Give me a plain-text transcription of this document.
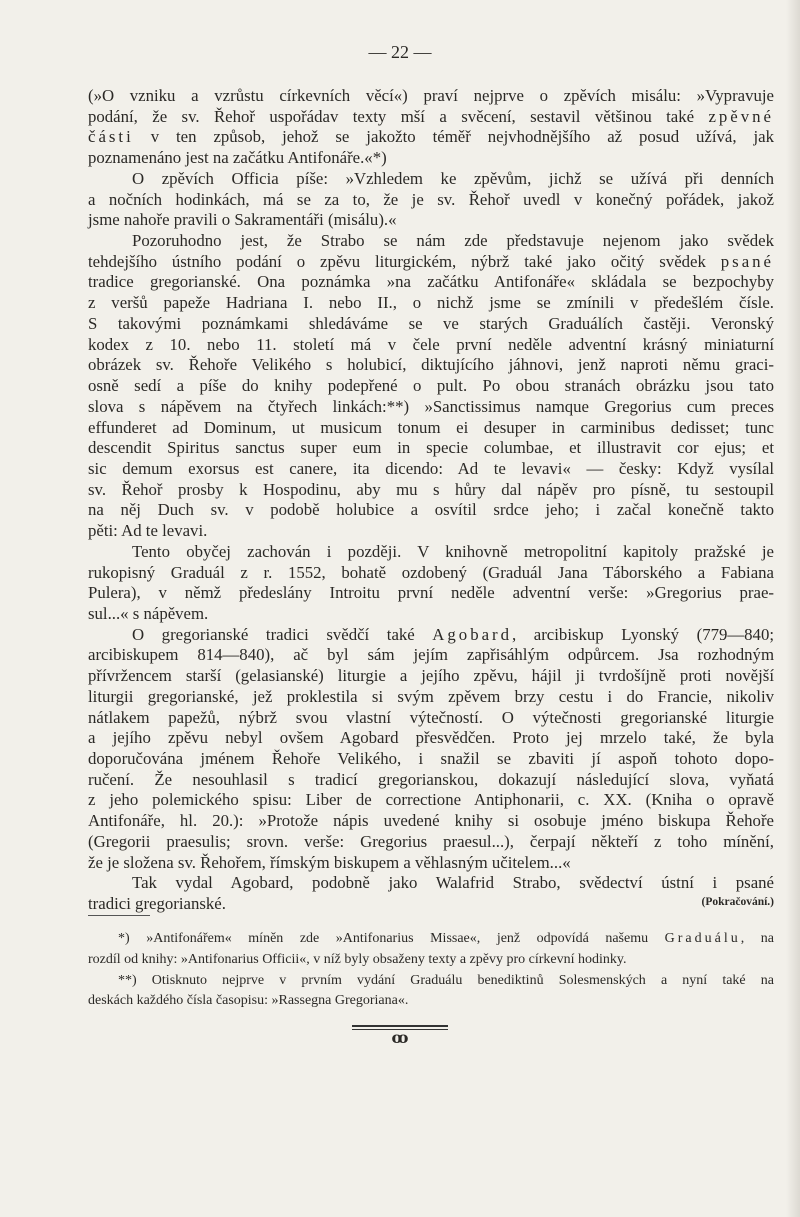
— 22 —
(»O vzniku a vzrůstu církevních věcí«) praví nejprve o zpěvích misálu: »Vypravuje
podání, že sv. Řehoř uspořádav texty mší a svěcení, sestavil většinou také zpěvné
části v ten způsob, jehož se jakožto téměř nejvhodnějšího až posud užívá, jak
poznamenáno jest na začátku Antifonáře.«*)
O zpěvích Officia píše: »Vzhledem ke zpěvům, jichž se užívá při denních
a nočních hodinkách, má se za to, že je sv. Řehoř uvedl v konečný pořádek, jakož
jsme nahoře pravili o Sakramentáři (misálu).«
Pozoruhodno jest, že Strabo se nám zde představuje nejenom jako svědek
tehdejšího ústního podání o zpěvu liturgickém, nýbrž také jako očitý svědek psané
tradice gregorianské. Ona poznámka »na začátku Antifonáře« skládala se bezpochyby
z veršů papeže Hadriana I. nebo II., o nichž jsme se zmínili v předešlém čísle.
S takovými poznámkami shledáváme se ve starých Graduálích častěji. Veronský
kodex z 10. nebo 11. století má v čele první neděle adventní krásný miniaturní
obrázek sv. Řehoře Velikého s holubicí, diktujícího jáhnovi, jenž naproti němu graci-
osně sedí a píše do knihy podepřené o pult. Po obou stranách obrázku jsou tato
slova s nápěvem na čtyřech linkách:**) »Sanctissimus namque Gregorius cum preces
effunderet ad Dominum, ut musicum tonum ei desuper in carminibus dedisset; tunc
descendit Spiritus sanctus super eum in specie columbae, et illustravit cor ejus; et
sic demum exorsus est canere, ita dicendo: Ad te levavi« — česky: Když vysílal
sv. Řehoř prosby k Hospodinu, aby mu s hůry dal nápěv pro písně, tu sestoupil
na něj Duch sv. v podobě holubice a osvítil srdce jeho; i začal konečně takto
pěti: Ad te levavi.
Tento obyčej zachován i později. V knihovně metropolitní kapitoly pražské je
rukopisný Graduál z r. 1552, bohatě ozdobený (Graduál Jana Táborského a Fabiana
Pulera), v němž předeslány Introitu první neděle adventní verše: »Gregorius prae-
sul...« s nápěvem.
O gregorianské tradici svědčí také Agobard, arcibiskup Lyonský (779—840;
arcibiskupem 814—840), ač byl sám jejím zapřisáhlým odpůrcem. Jsa rozhodným
přívržencem starší (gelasianské) liturgie a jejího zpěvu, hájil ji tvrdošíjně proti novější
liturgii gregorianské, jež proklestila si svým zpěvem brzy cestu i do Francie, nikoliv
nátlakem papežů, nýbrž svou vlastní výtečností. O výtečnosti gregorianské liturgie
a jejího zpěvu nebyl ovšem Agobard přesvědčen. Proto jej mrzelo také, že byla
doporučována jménem Řehoře Velikého, i snažil se zbaviti jí aspoň tohoto dopo-
ručení. Že nesouhlasil s tradicí gregorianskou, dokazují následující slova, vyňatá
z jeho polemického spisu: Liber de correctione Antiphonarii, c. XX. (Kniha o opravě
Antifonáře, hl. 20.): »Protože nápis uvedené knihy si osobuje jméno biskupa Řehoře
(Gregorii praesulis; srovn. verše: Gregorius praesul...), čerpají někteří z toho mínění,
že je složena sv. Řehořem, římským biskupem a věhlasným učitelem...«
Tak vydal Agobard, podobně jako Walafrid Strabo, svědectví ústní i psané
tradici gregorianské.	(Pokračování.)
*) »Antifonářem« míněn zde »Antifonarius Missae«, jenž odpovídá našemu Graduálu, na
rozdíl od knihy: »Antifonarius Officii«, v níž byly obsaženy texty a zpěvy pro církevní hodinky.
**) Otisknuto nejprve v prvním vydání Graduálu benediktinů Solesmenských a nyní také na
deskách každého čísla časopisu: »Rassegna Gregoriana«.
ꝏ
